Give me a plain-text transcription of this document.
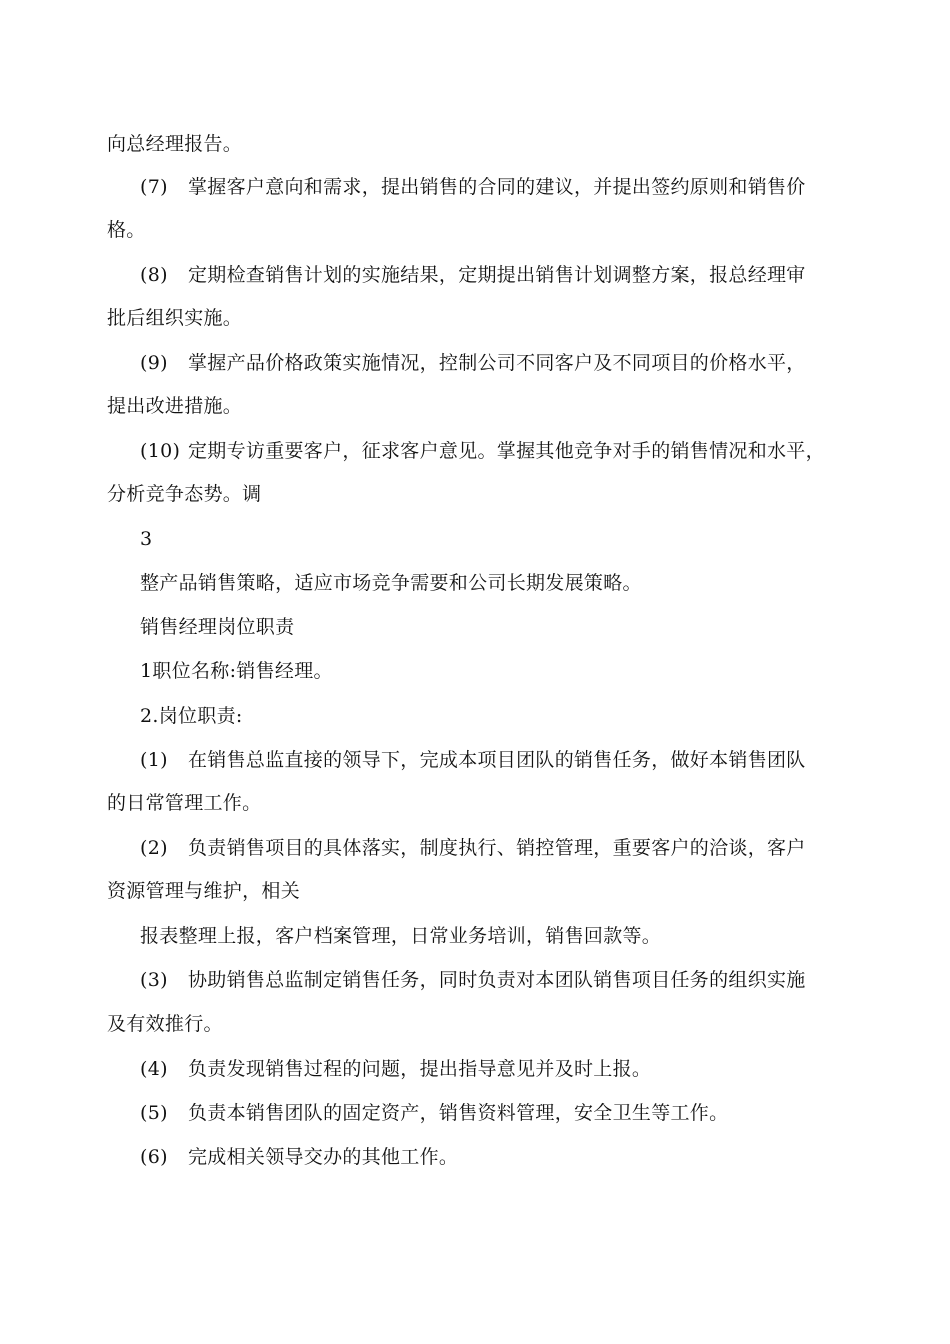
向总经理报告。
(7) 掌握客户意向和需求，提出销售的合同的建议，并提出签约原则和销售价
格。
(8) 定期检查销售计划的实施结果，定期提出销售计划调整方案，报总经理审
批后组织实施。
(9) 掌握产品价格政策实施情况，控制公司不同客户及不同项目的价格水平，
提出改进措施。
(10) 定期专访重要客户，征求客户意见。掌握其他竞争对手的销售情况和水平，
分析竞争态势。调
3
整产品销售策略，适应市场竞争需要和公司长期发展策略。
销售经理岗位职责
1职位名称:销售经理。
2.岗位职责:
(1) 在销售总监直接的领导下，完成本项目团队的销售任务，做好本销售团队
的日常管理工作。
(2) 负责销售项目的具体落实，制度执行、销控管理，重要客户的洽谈，客户
资源管理与维护，相关
报表整理上报，客户档案管理，日常业务培训，销售回款等。
(3) 协助销售总监制定销售任务，同时负责对本团队销售项目任务的组织实施
及有效推行。
(4) 负责发现销售过程的问题，提出指导意见并及时上报。
(5) 负责本销售团队的固定资产，销售资料管理，安全卫生等工作。
(6) 完成相关领导交办的其他工作。
